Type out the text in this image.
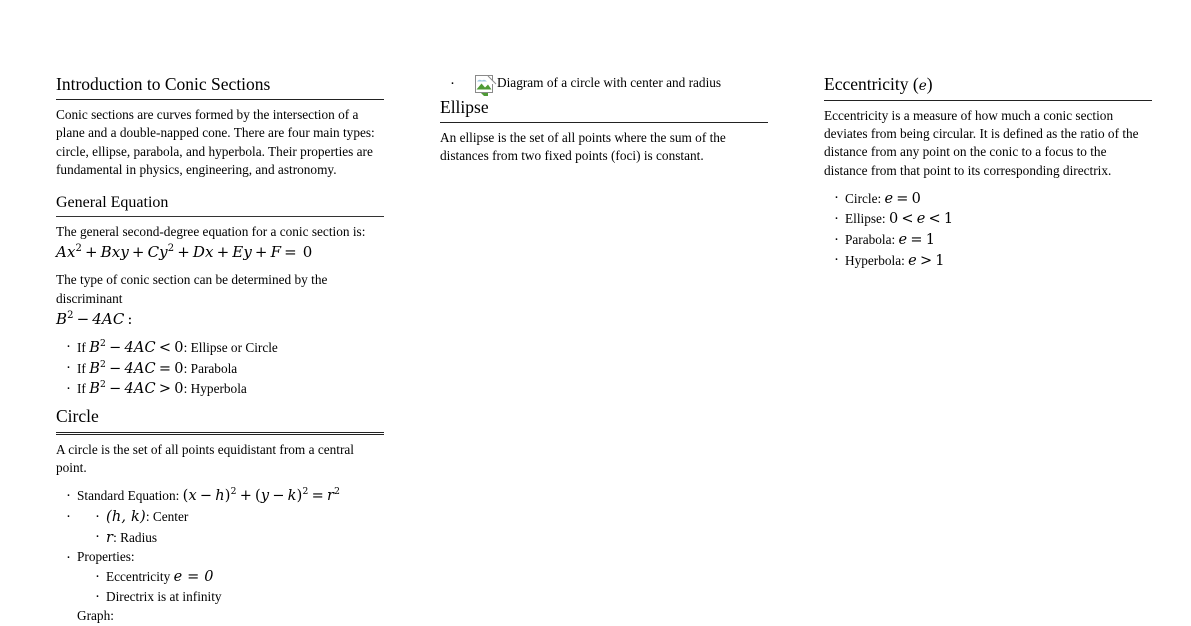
Introduction to Conic Sections

Conic sections are curves formed by the intersection of a plane and a double-napped cone. There are four main types: circle, ellipse, parabola, and hyperbola. Their properties are fundamental in physics, engineering, and astronomy.

General Equation

The general second-degree equation for a conic section is:

$Ax^2$ + Bxy + $Cy^2 + Dx + Ey + F = 0$

The type of conic section can be determined by the discriminant

$B^2 - 4AC$ :
· If $B^2 - 4AC < 0$: Ellipse or Circle
· If $B^2 - 4AC = 0$: Parabola
· If $B^2 - 4AC > 0$: Hyperbola
Circle

A circle is the set of all points equidistant from a central point.

· Standard Equation: $(x - h)^2 + (y - k)^2 = r^2$
· · (h, k): Center
· r: Radius
· Properties:
· Eccentricity e = 0
· Directrix is at infinity
· Graph:
Diagram of a circle with center and radius
Ellipse

An ellipse is the set of all points where the sum of the distances from two fixed points (foci) is constant.

Eccentricity (e)

Eccentricity is a measure of how much a conic section deviates from being circular. It is defined as the ratio of the distance from any point on the conic to a focus to the distance from that point to its corresponding directrix.

· Circle: e = 0
· Ellipse: 0 < e < 1
· Parabola: e = 1
· Hyperbola: e > 1
